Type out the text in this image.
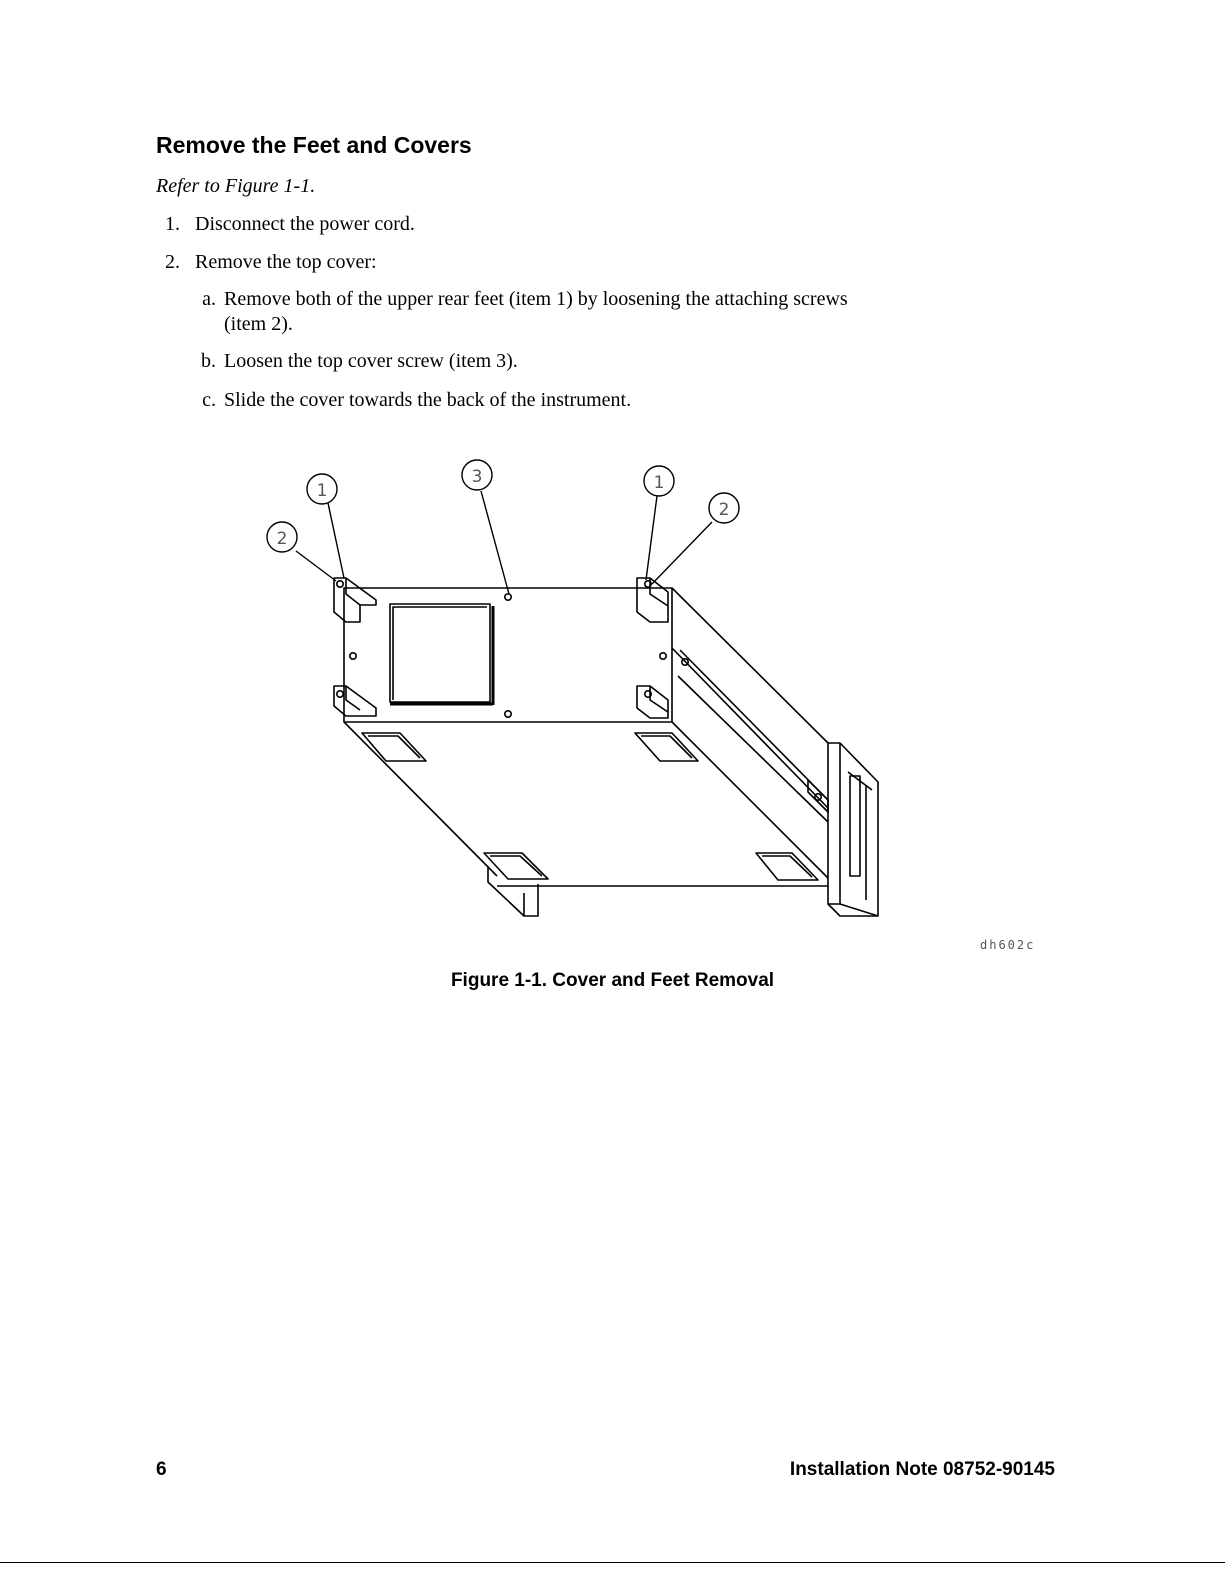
Remove the Feet and Covers
Refer to Figure 1-1.
1. Disconnect the power cord.
2. Remove the top cover:
a. Remove both of the upper rear feet (item 1) by loosening the attaching screws
(item 2).
b. Loosen the top cover screw (item 3).
c. Slide the cover towards the back of the instrument.
1
2
3	1
2
dh602c
Figure 1-1. Cover and Feet Removal
6	Installation Note 08752-90145
